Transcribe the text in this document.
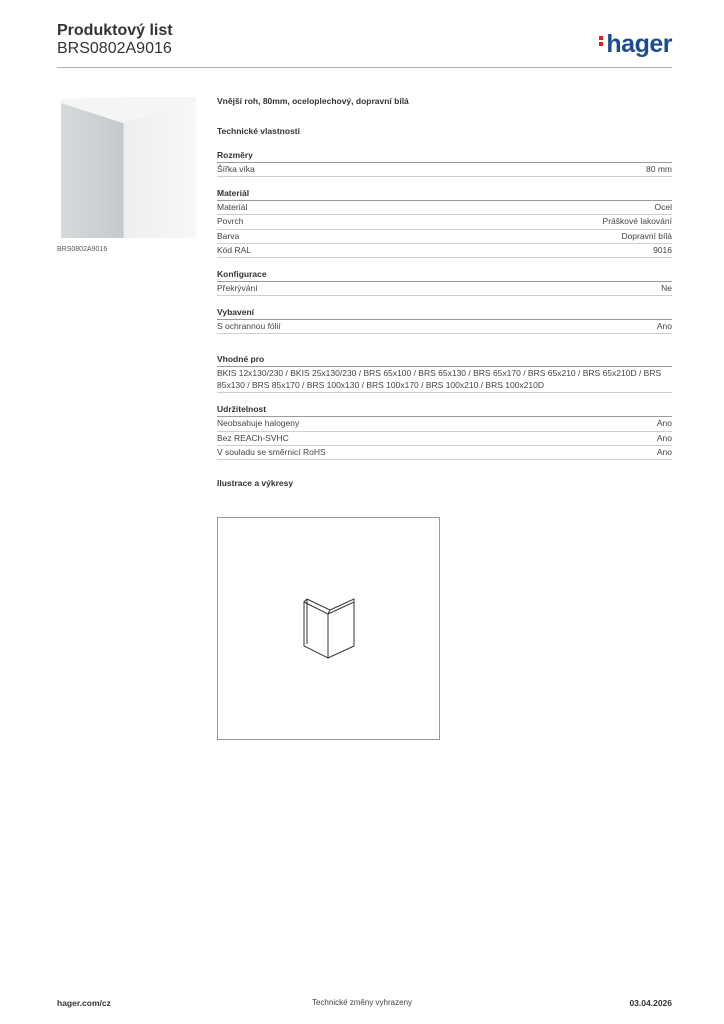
Produktový list
BRS0802A9016	hager
BRS0802A9016
Vnější roh, 80mm, oceloplechový, dopravní bílá
Technické vlastnosti
Rozměry
Šířka víka	80 mm
Materiál
Materiál	Ocel
Povrch	Práškové lakování
Barva	Dopravní bílá
Kód RAL	9016
Konfigurace
Překrývání	Ne
Vybavení
S ochrannou fólií	Ano
Vhodné pro
BKIS 12x130/230 / BKIS 25x130/230 / BRS 65x100 / BRS 65x130 / BRS 65x170 / BRS 65x210 / BRS 65x210D / BRS 85x130 / BRS 85x170 / BRS 100x130 / BRS 100x170 / BRS 100x210 / BRS 100x210D
Udržitelnost
Neobsahuje halogeny	Ano
Bez REACh-SVHC	Ano
V souladu se směrnicí RoHS	Ano
Ilustrace a výkresy
hager.com/cz	Technické změny vyhrazeny	03.04.2026
